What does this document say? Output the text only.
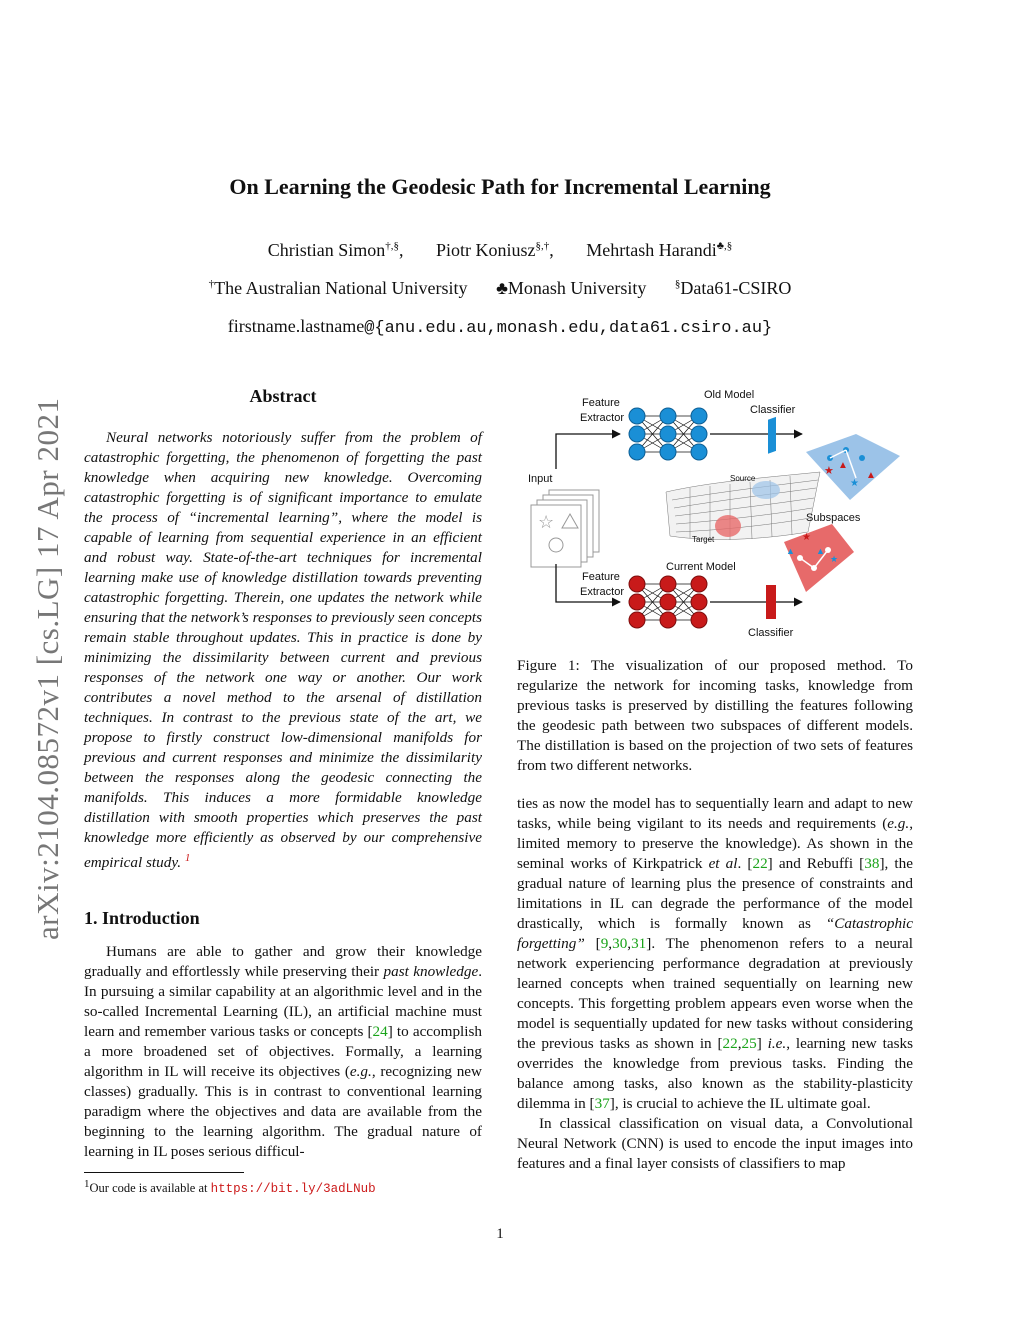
On Learning the Geodesic Path for Incremental Learning
Christian Simon†,§, Piotr Koniusz§,†, Mehrtash Harandi♣,§
†The Australian National University ♣Monash University	§Data61-CSIRO
firstname.lastname@{anu.edu.au,monash.edu,data61.csiro.au}
arXiv:2104.08572v1 [cs.LG] 17 Apr 2021
Abstract

Neural networks notoriously suffer from the problem of catastrophic forgetting, the phenomenon of forgetting the past knowledge when acquiring new knowledge. Overcoming catastrophic forgetting is of significant importance to emulate the process of “incremental learning”, where the model is capable of learning from sequential experience in an efficient and robust way. State-of-the-art techniques for incremental learning make use of knowledge distillation towards preventing catastrophic forgetting. Therein, one updates the network while ensuring that the network’s responses to previously seen concepts remain stable throughout updates. This in practice is done by minimizing the dissimilarity between current and previous responses of the network one way or another. Our work contributes a novel method to the arsenal of distillation techniques. In contrast to the previous state of the art, we propose to firstly construct low-dimensional manifolds for previous and current responses and minimize the dissimilarity between the responses along the geodesic connecting the manifolds. This induces a more formidable knowledge distillation with smooth properties which preserves the past knowledge more efficiently as observed by our comprehensive empirical study. $^1$

1. Introduction

Humans are able to gather and grow their knowledge gradually and effortlessly while preserving their past knowledge. In pursuing a similar capability at an algorithmic level and in the so-called Incremental Learning (IL), an artificial machine must learn and remember various tasks or concepts [24] to accomplish a more broadened set of objectives. Formally, a learning algorithm in IL will receive its objectives (e.g., recognizing new classes) gradually. This is in contrast to conventional learning paradigm where the objectives and data are available from the beginning to the learning algorithm. The gradual nature of learning in IL poses serious difficul-

$^1$Our code is available at https://bit.ly/3adLNub
Old Model
Feature
Extractor
Classifier
Input
☆
Source
Target
★ ▲
★
▲
Subspaces
★
▲
▲
★
Current Model
Feature
Extractor
Classifier

Figure 1: The visualization of our proposed method. To regularize the network for incoming tasks, knowledge from previous tasks is preserved by distilling the features following the geodesic path between two subspaces of different models. The distillation is based on the projection of two sets of features from two different networks.

ties as now the model has to sequentially learn and adapt to new tasks, while being vigilant to its needs and requirements (e.g., limited memory to preserve the knowledge). As shown in the seminal works of Kirkpatrick et al. [22] and Rebuffi [38], the gradual nature of learning plus the presence of constraints and limitations in IL can degrade the performance of the model drastically, which is formally known as “Catastrophic forgetting” [9,30,31]. The phenomenon refers to a neural network experiencing performance degradation at previously learned concepts when trained sequentially on learning new concepts. This forgetting problem appears even worse when the model is sequentially updated for new tasks without considering the previous tasks as shown in [22,25] i.e., learning new tasks overrides the knowledge from previous tasks. Finding the balance among tasks, also known as the stability-plasticity dilemma in [37], is crucial to achieve the IL ultimate goal.

In classical classification on visual data, a Convolutional Neural Network (CNN) is used to encode the input images into features and a final layer consists of classifiers to map

1
